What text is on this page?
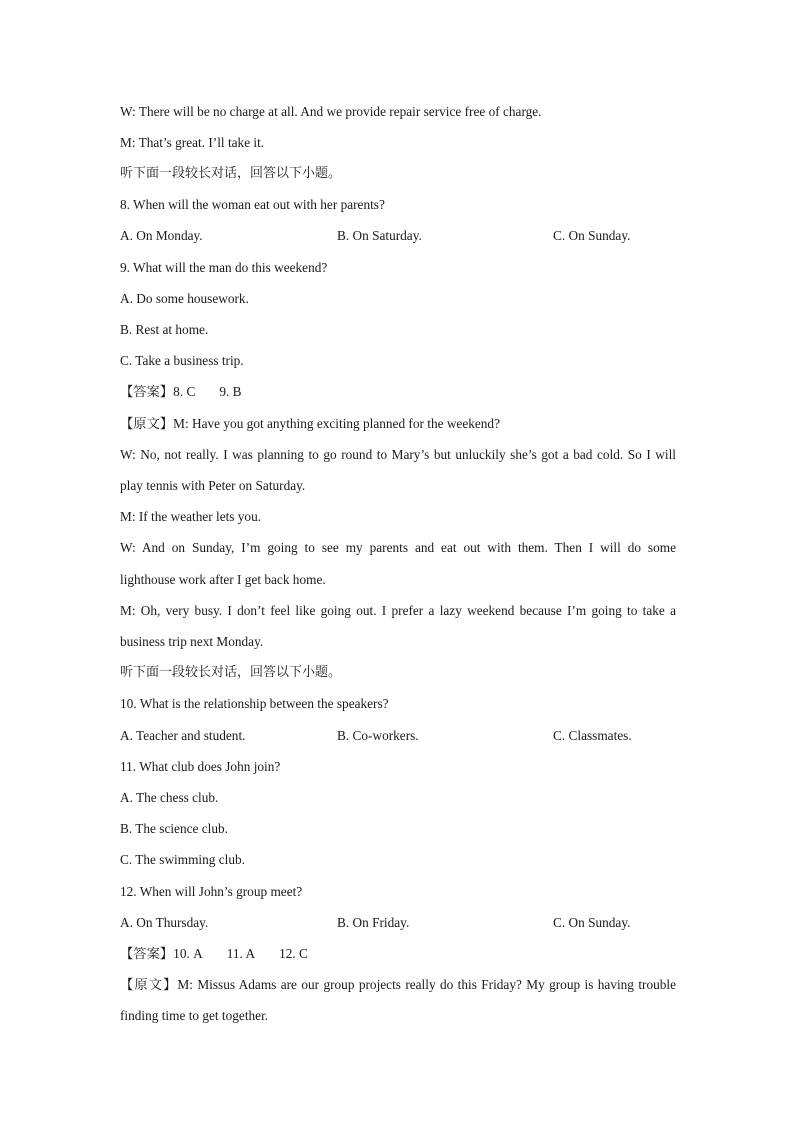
W: There will be no charge at all. And we provide repair service free of charge.
M: That’s great. I’ll take it.
听下面一段较长对话，回答以下小题。
8. When will the woman eat out with her parents?
A. On Monday.	B. On Saturday.	C. On Sunday.
9. What will the man do this weekend?
A. Do some housework.
B. Rest at home.
C. Take a business trip.
【答案】8. C 9. B
【原文】M: Have you got anything exciting planned for the weekend?
W: No, not really. I was planning to go round to Mary’s but unluckily she’s got a bad cold. So I will
play tennis with Peter on Saturday.
M: If the weather lets you.
W: And on Sunday, I’m going to see my parents and eat out with them. Then I will do some
lighthouse work after I get back home.
M: Oh, very busy. I don’t feel like going out. I prefer a lazy weekend because I’m going to take a
business trip next Monday.
听下面一段较长对话，回答以下小题。
10. What is the relationship between the speakers?
A. Teacher and student.	B. Co-workers.	C. Classmates.
11. What club does John join?
A. The chess club.
B. The science club.
C. The swimming club.
12. When will John’s group meet?
A. On Thursday.	B. On Friday.	C. On Sunday.
【答案】10. A 11. A 12. C
【原文】M: Missus Adams are our group projects really do this Friday? My group is having trouble
finding time to get together.
